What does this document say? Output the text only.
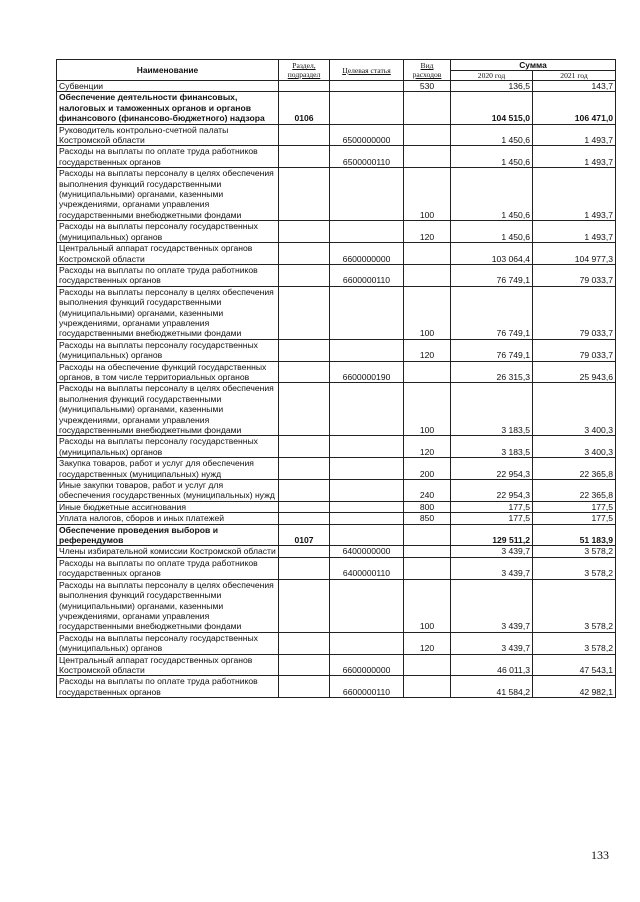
Наименование	Раздел, подраздел	Целевая статья	Вид расходов	Сумма	
				2020 год	2021 год
Субвенции			530	136,5	143,7
Обеспечение деятельности финансовых, налоговых и таможенных органов и органов финансового (финансово-бюджетного) надзора	0106			104 515,0	106 471,0
Руководитель контрольно-счетной палаты Костромской области		6500000000		1 450,6	1 493,7
Расходы на выплаты по оплате труда работников государственных органов		6500000110		1 450,6	1 493,7
Расходы на выплаты персоналу в целях обеспечения выполнения функций государственными (муниципальными) органами, казенными учреждениями, органами управления государственными внебюджетными фондами			100	1 450,6	1 493,7
Расходы на выплаты персоналу государственных (муниципальных) органов			120	1 450,6	1 493,7
Центральный аппарат государственных органов Костромской области		6600000000		103 064,4	104 977,3
Расходы на выплаты по оплате труда работников государственных органов		6600000110		76 749,1	79 033,7
Расходы на выплаты персоналу в целях обеспечения выполнения функций государственными (муниципальными) органами, казенными учреждениями, органами управления государственными внебюджетными фондами			100	76 749,1	79 033,7
Расходы на выплаты персоналу государственных (муниципальных) органов			120	76 749,1	79 033,7
Расходы на обеспечение функций государственных органов, в том числе территориальных органов		6600000190		26 315,3	25 943,6
Расходы на выплаты персоналу в целях обеспечения выполнения функций государственными (муниципальными) органами, казенными учреждениями, органами управления государственными внебюджетными фондами			100	3 183,5	3 400,3
Расходы на выплаты персоналу государственных (муниципальных) органов			120	3 183,5	3 400,3
Закупка товаров, работ и услуг для обеспечения государственных (муниципальных) нужд			200	22 954,3	22 365,8
Иные закупки товаров, работ и услуг для обеспечения государственных (муниципальных) нужд			240	22 954,3	22 365,8
Иные бюджетные ассигнования			800	177,5	177,5
Уплата налогов, сборов и иных платежей			850	177,5	177,5
Обеспечение проведения выборов и референдумов	0107			129 511,2	51 183,9
Члены избирательной комиссии Костромской области		6400000000		3 439,7	3 578,2
Расходы на выплаты по оплате труда работников государственных органов		6400000110		3 439,7	3 578,2
Расходы на выплаты персоналу в целях обеспечения выполнения функций государственными (муниципальными) органами, казенными учреждениями, органами управления государственными внебюджетными фондами			100	3 439,7	3 578,2
Расходы на выплаты персоналу государственных (муниципальных) органов			120	3 439,7	3 578,2
Центральный аппарат государственных органов Костромской области		6600000000		46 011,3	47 543,1
Расходы на выплаты по оплате труда работников государственных органов		6600000110		41 584,2	42 982,1
133
